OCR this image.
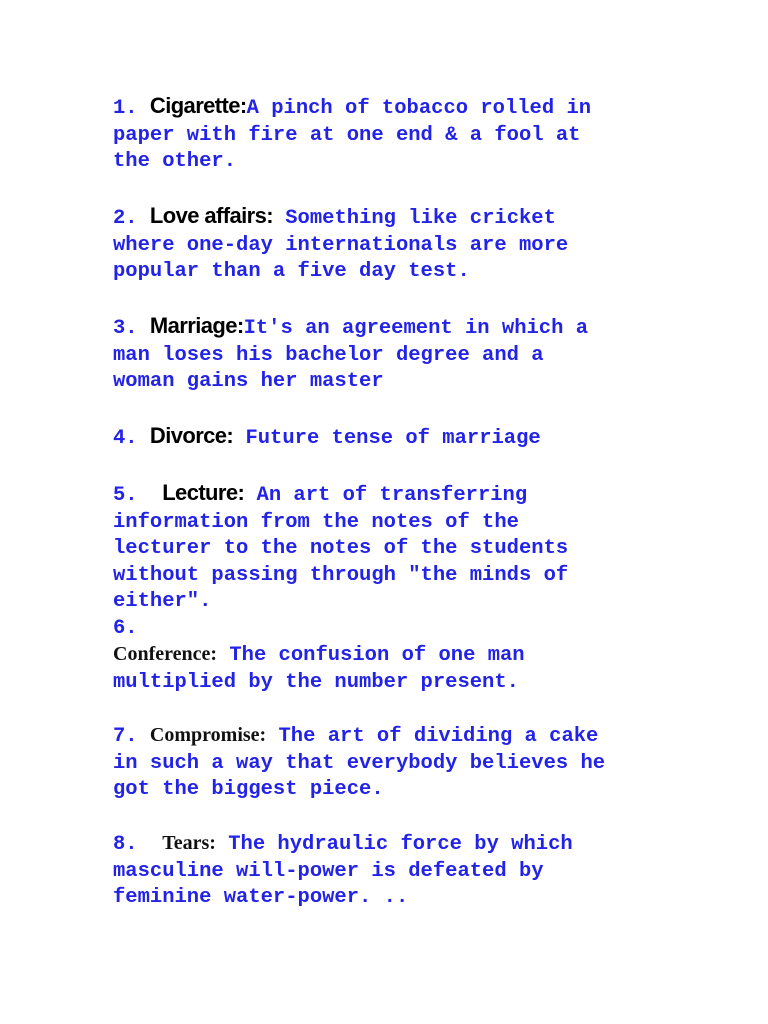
1. Cigarette:A pinch of tobacco rolled in
paper with fire at one end & a fool at
the other.
2. Love affairs: Something like cricket
where one-day internationals are more
popular than a five day test.
3. Marriage:It's an agreement in which a
man loses his bachelor degree and a
woman gains her master
4. Divorce: Future tense of marriage
5. Lecture: An art of transferring
information from the notes of the
lecturer to the notes of the students
without passing through "the minds of
either".
6.
Conference: The confusion of one man
multiplied by the number present.
7. Compromise: The art of dividing a cake
in such a way that everybody believes he
got the biggest piece.
8. Tears: The hydraulic force by which
masculine will-power is defeated by
feminine water-power. ..
